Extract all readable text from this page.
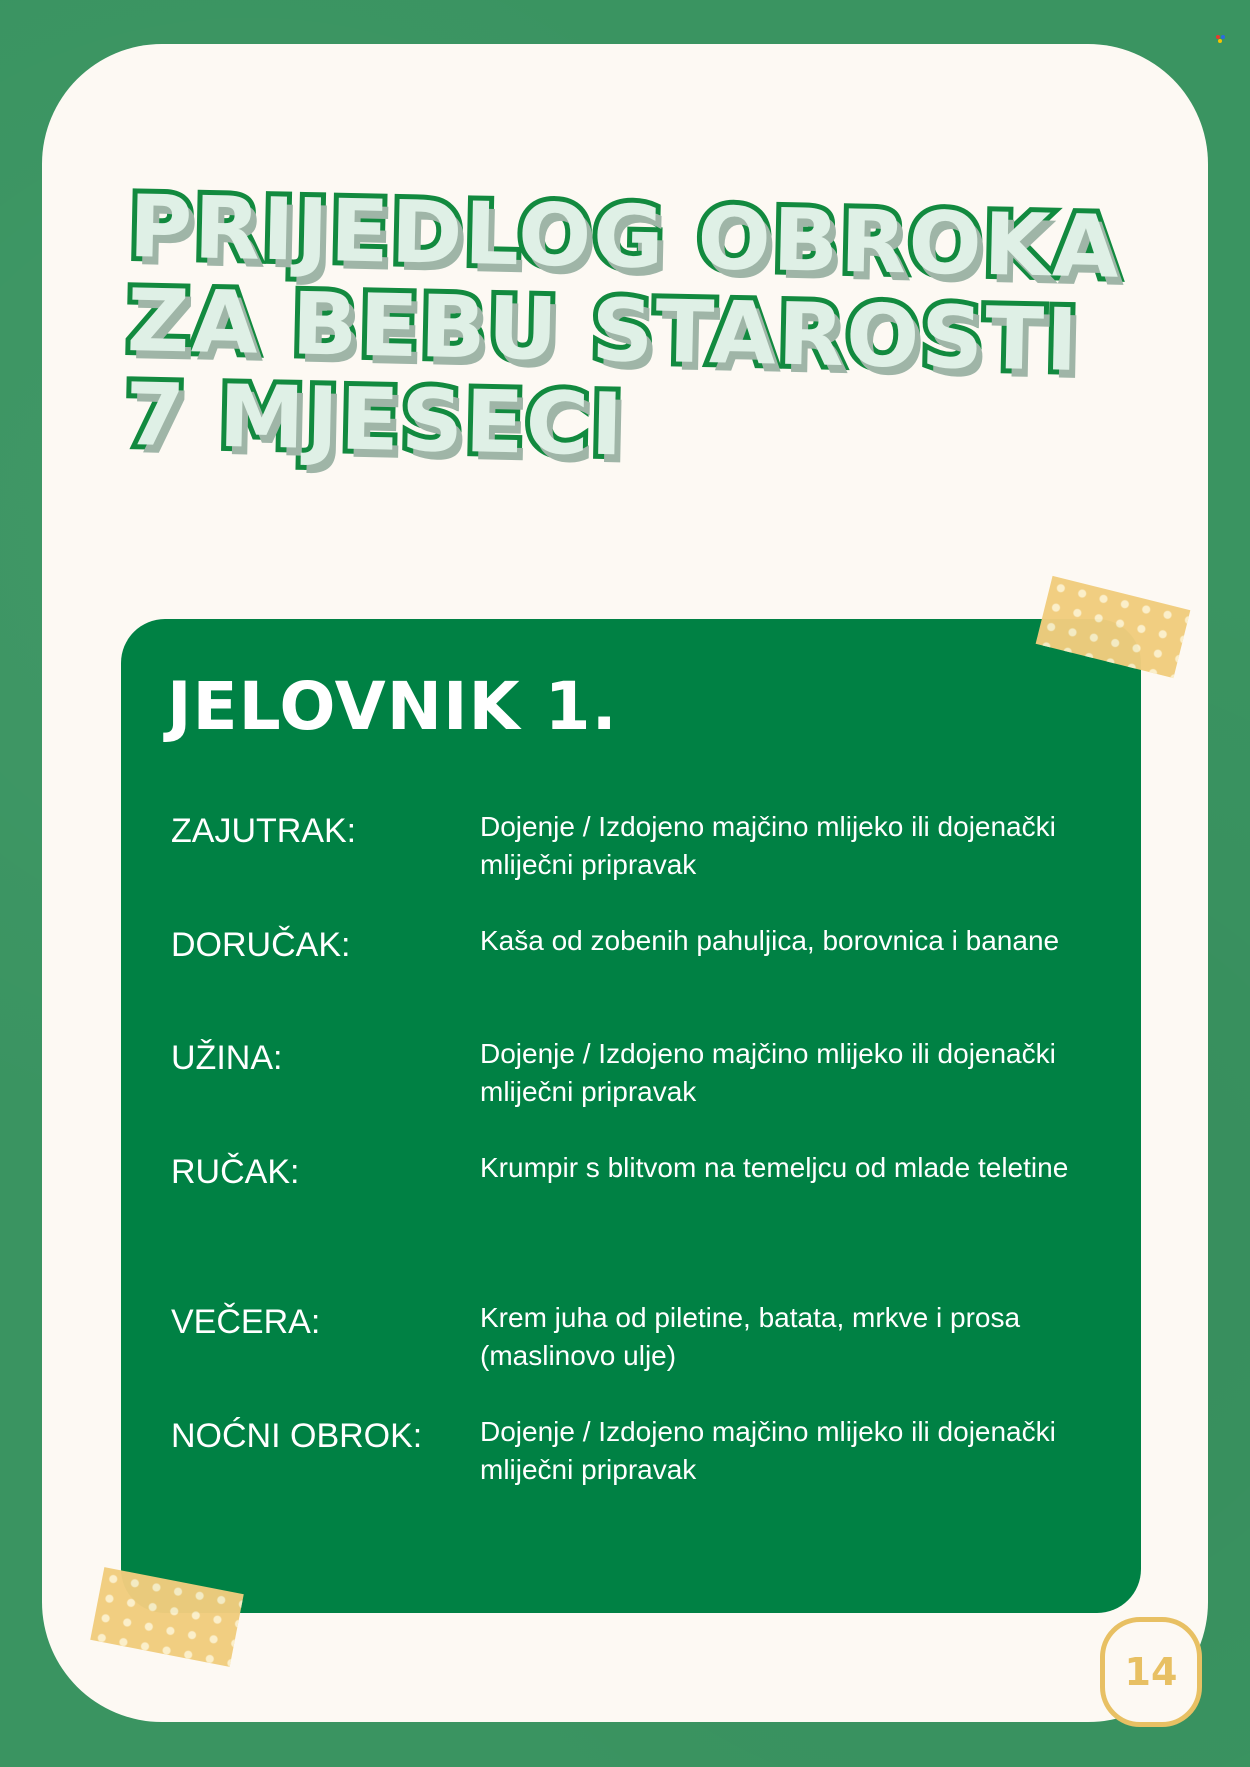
PRIJEDLOG OBROKA
ZA BEBU STAROSTI
7 MJESECI
JELOVNIK 1.
ZAJUTRAK:	Dojenje / Izdojeno majčino mlijeko ili dojenački mliječni pripravak
DORUČAK:	Kaša od zobenih pahuljica, borovnica i banane
UŽINA:	Dojenje / Izdojeno majčino mlijeko ili dojenački mliječni pripravak
RUČAK:	Krumpir s blitvom na temeljcu od mlade teletine
VEČERA:	Krem juha od piletine, batata, mrkve i prosa (maslinovo ulje)
NOĆNI OBROK: Dojenje / Izdojeno majčino mlijeko ili dojenački mliječni pripravak
14
